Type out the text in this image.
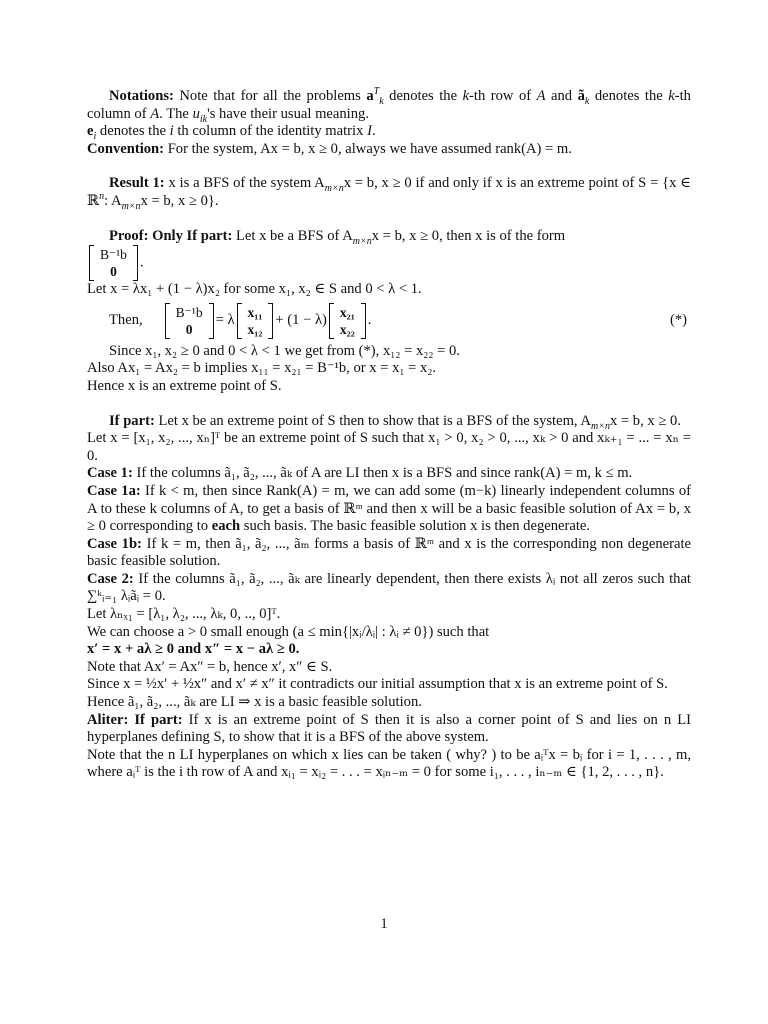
Notations: Note that for all the problems $a^T_k$ denotes the k-th row of A and $ã_k$ denotes the k-th column of A. The $u_{ik}'s$ have their usual meaning.

$e_i$ denotes the i th column of the identity matrix I.

Convention: For the system, Ax = b, x ≥ 0, always we have assumed rank(A) = m.

Result 1: x is a BFS of the system $A_{m\times n}x = b$, x ≥ 0 if and only if x is an extreme point of S = {x ∈ ℝ$^n$: $A_{m\times n}x = b$, x ≥ 0}.

Proof: Only If part: Let x be a BFS of $A_{m\times n}x = b$, x ≥ 0, then x is of the form

B⁻¹b
0
.

Let x = λx₁ + (1 − λ)x₂ for some x₁, x₂ ∈ S and 0 < λ < 1.

Then, B⁻¹b
0
= λ x₁₁
x₁₂
+ (1 − λ) x₂₁
x₂₂
.	(*)

Since x₁, x₂ ≥ 0 and 0 < λ < 1 we get from (*), x₁₂ = x₂₂ = 0.

Also Ax₁ = Ax₂ = b implies x₁₁ = x₂₁ = B⁻¹b, or x = x₁ = x₂.

Hence x is an extreme point of S.

If part: Let x be an extreme point of S then to show that is a BFS of the system, $A_{m\times n}x = b$, x ≥ 0.

Let x = [x₁, x₂, ..., xₙ]ᵀ be an extreme point of S such that x₁ > 0, x₂ > 0, ..., xₖ > 0 and xₖ₊₁ = ... = xₙ = 0.

Case 1: If the columns ã₁, ã₂, ..., ãₖ of A are LI then x is a BFS and since rank(A) = m, k ≤ m.

Case 1a: If k < m, then since Rank(A) = m, we can add some (m−k) linearly independent columns of A to these k columns of A, to get a basis of ℝᵐ and then x will be a basic feasible solution of Ax = b, x ≥ 0 corresponding to each such basis. The basic feasible solution x is then degenerate.

Case 1b: If k = m, then ã₁, ã₂, ..., ãₘ forms a basis of ℝᵐ and x is the corresponding non degenerate basic feasible solution.

Case 2: If the columns ã₁, ã₂, ..., ãₖ are linearly dependent, then there exists λᵢ not all zeros such that ∑ᵏᵢ₌₁ λᵢãᵢ = 0.

Let λₙₓ₁ = [λ₁, λ₂, ..., λₖ, 0, .., 0]ᵀ.

We can choose a > 0 small enough (a ≤ min{|xᵢ/λᵢ| : λᵢ ≠ 0}) such that

x′ = x + aλ ≥ 0 and x″ = x − aλ ≥ 0.

Note that Ax′ = Ax″ = b, hence x′, x″ ∈ S.

Since x = ½x′ + ½x″ and x′ ≠ x″ it contradicts our initial assumption that x is an extreme point of S.

Hence ã₁, ã₂, ..., ãₖ are LI ⇒ x is a basic feasible solution.

Aliter: If part: If x is an extreme point of S then it is also a corner point of S and lies on n LI hyperplanes defining S, to show that it is a BFS of the above system.

Note that the n LI hyperplanes on which x lies can be taken ( why? ) to be aᵢᵀx = bᵢ for i = 1, . . . , m, where aᵢᵀ is the i th row of A and xᵢ₁ = xᵢ₂ = . . . = xᵢₙ₋ₘ = 0 for some i₁, . . . , iₙ₋ₘ ∈ {1, 2, . . . , n}.

1
